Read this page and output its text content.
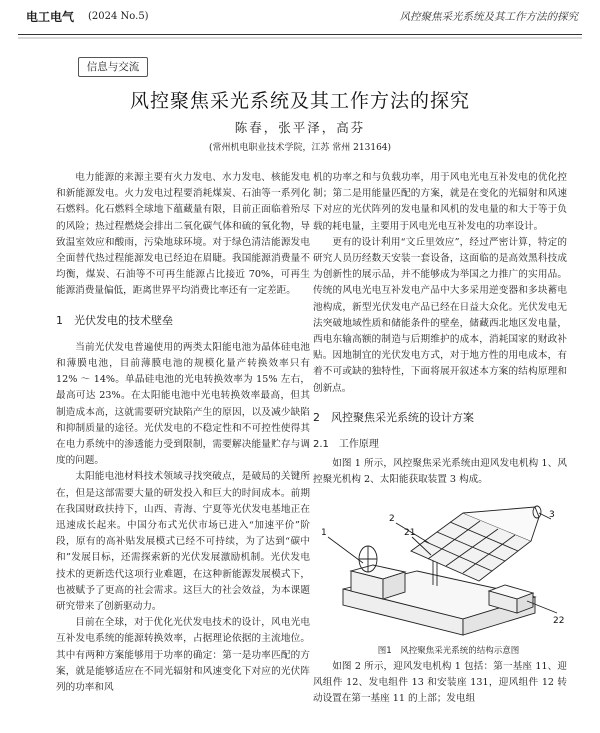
电工电气 (2024 No.5)	风控聚焦采光系统及其工作方法的探究
信息与交流
风控聚焦采光系统及其工作方法的探究
陈春，张平泽，高芬
(常州机电职业技术学院，江苏 常州 213164)

电力能源的来源主要有火力发电、水力发电、核能发电和新能源发电。火力发电过程要消耗煤炭、石油等一系列化石燃料。化石燃料全球地下蕴藏量有限，目前正面临着殆尽的风险；热过程燃烧会排出二氧化碳气体和硫的氧化物，导致温室效应和酸雨，污染地球环境。对于绿色清洁能源发电全面替代热过程能源发电已经迫在眉睫。我国能源消费量不均衡，煤炭、石油等不可再生能源占比接近 70%，可再生能源消费量偏低，距离世界平均消费比率还有一定差距。

1　光伏发电的技术壁垒

当前光伏发电普遍使用的两类太阳能电池为晶体硅电池和薄膜电池，目前薄膜电池的规模化量产转换效率只有 12% ～ 14%。单晶硅电池的光电转换效率为 15% 左右，最高可达 23%。在太阳能电池中光电转换效率最高，但其制造成本高，这就需要研究缺陷产生的原因，以及减少缺陷和抑制质量的途径。光伏发电的不稳定性和不可控性使得其在电力系统中的渗透能力受到限制，需要解决能量贮存与调度的问题。

太阳能电池材料技术领域寻找突破点，是破局的关键所在，但是这部需要大量的研发投入和巨大的时间成本。前期在我国财政扶持下，山西、青海、宁夏等光伏发电基地正在迅速成长起来。中国分布式光伏市场已进入“加速平价”阶段，原有的高补贴发展模式已经不可持续，为了达到“碳中和”发展目标，还需探索新的光伏发展激励机制。光伏发电技术的更新迭代这项行业难题，在这种新能源发展模式下，也被赋予了更高的社会需求。这巨大的社会效益，为本课题研究带来了创新驱动力。

目前在全球，对于优化光伏发电技术的设计，风电光电互补发电系统的能源转换效率，占据理论依据的主流地位。其中有两种方案能够用于功率的确定：第一是功率匹配的方案，就是能够适应在不同光辐射和风速变化下对应的光伏阵列的功率和风

机的功率之和与负载功率，用于风电光电互补发电的优化控制；第二是用能量匹配的方案，就是在变化的光辐射和风速下对应的光伏阵列的发电量和风机的发电量的和大于等于负载的耗电量，主要用于风电光电互补发电的功率设计。

更有的设计利用“文丘里效应”，经过严密计算，特定的研究人员历经数天安装一套设备，这面临的是高效黑科技成为创新性的展示品，并不能够成为举国之力推广的实用品。传统的风电光电互补发电产品中大多采用逆变器和多块蓄电池构成，新型光伏发电产品已经在日益大众化。光伏发电无法突破地域性质和储能条件的壁垒，储藏西北地区发电量，西电东输高额的制造与后期维护的成本，消耗国家的财政补贴。因地制宜的光伏发电方式，对于地方性的用电成本，有着不可或缺的独特性，下面将展开叙述本方案的结构原理和创新点。

2　风控聚焦采光系统的设计方案
2.1　工作原理

如图 1 所示，风控聚焦采光系统由迎风发电机构 1、风控聚光机构 2、太阳能获取装置 3 构成。

1
2	3
21
22

图1　风控聚焦采光系统的结构示意图

如图 2 所示，迎风发电机构 1 包括：第一基座 11、迎风组件 12、发电组件 13 和安装座 131，迎风组件 12 转动设置在第一基座 11 的上部；发电组
